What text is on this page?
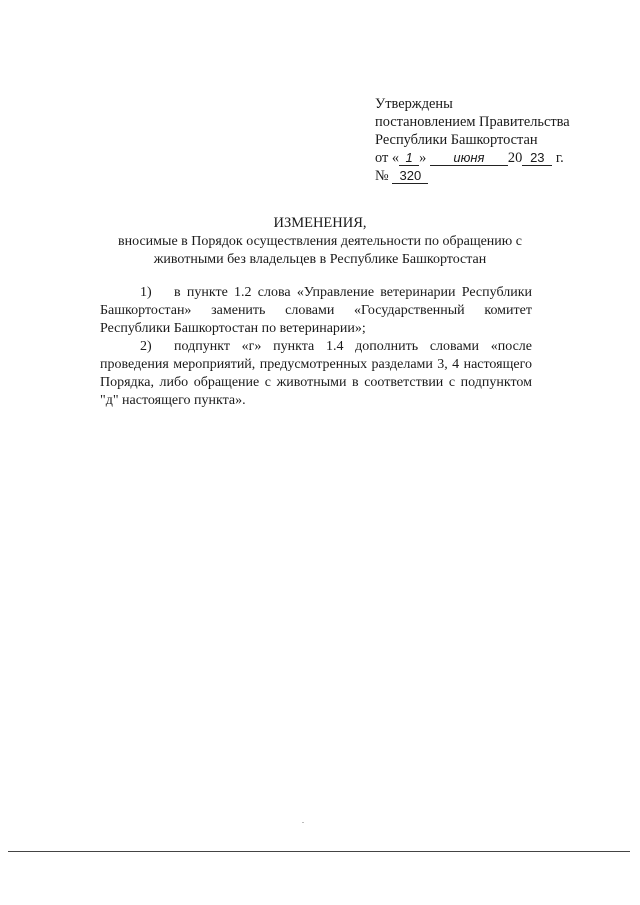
Утверждены
постановлением Правительства
Республики Башкортостан
от « 1 » июня 20 23 г.
№ 320
ИЗМЕНЕНИЯ,
вносимые в Порядок осуществления деятельности по обращению с животными без владельцев в Республике Башкортостан

1) в пункте 1.2 слова «Управление ветеринарии Республики Башкортостан» заменить словами «Государственный комитет Республики Башкортостан по ветеринарии»;

2) подпункт «г» пункта 1.4 дополнить словами «после проведения мероприятий, предусмотренных разделами 3, 4 настоящего Порядка, либо обращение с животными в соответствии с подпунктом "д" настоящего пункта».
